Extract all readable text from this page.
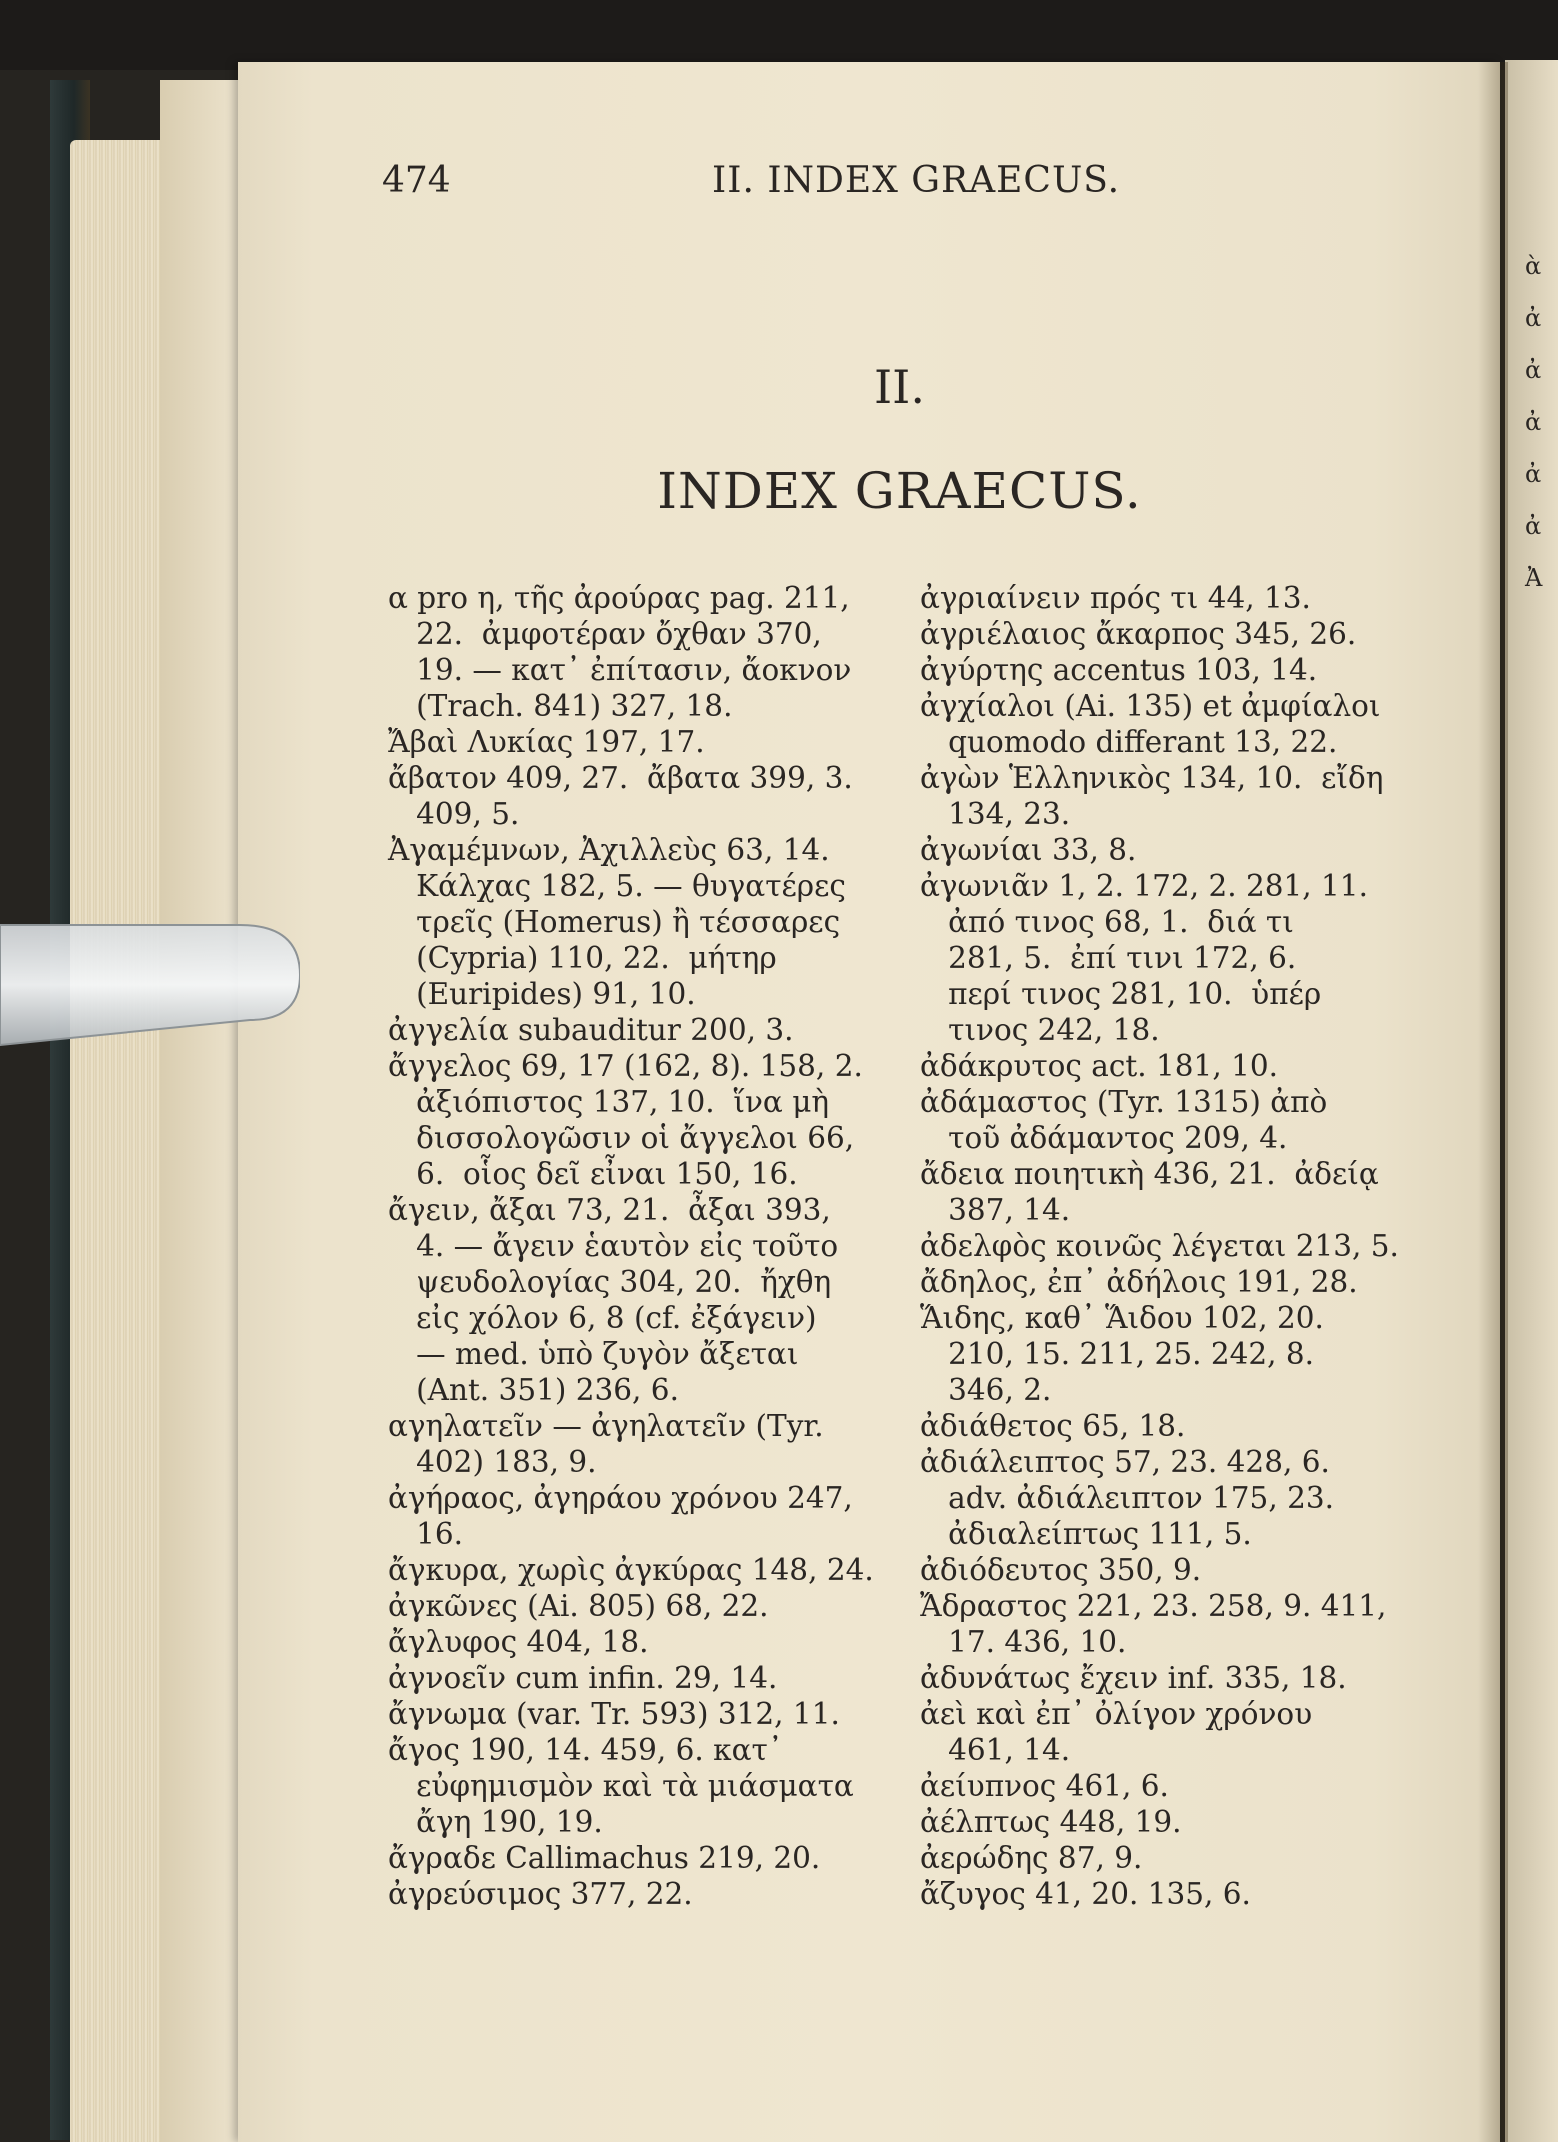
474	II. INDEX GRAECUS.
II.
INDEX GRAECUS.
α pro η, τῆς ἀρούρας pag. 211,
22.  ἀμφοτέραν ὄχθαν 370,
19. — κατ᾽ ἐπίτασιν, ἄοκνον
(Trach. 841) 327, 18.
Ἄβαὶ Λυκίας 197, 17.
ἄβατον 409, 27.  ἄβατα 399, 3.
409, 5.
Ἀγαμέμνων, Ἀχιλλεὺς 63, 14.
Κάλχας 182, 5. — θυγατέρες
τρεῖς (Homerus) ἢ τέσσαρες
(Cypria) 110, 22.  μήτηρ
(Euripides) 91, 10.
ἀγγελία subauditur 200, 3.
ἄγγελος 69, 17 (162, 8). 158, 2.
ἀξιόπιστος 137, 10.  ἵνα μὴ
δισσολογῶσιν οἱ ἄγγελοι 66,
6.  οἷος δεῖ εἶναι 150, 16.
ἄγειν, ἄξαι 73, 21.  ἆξαι 393,
4. — ἄγειν ἑαυτὸν εἰς τοῦτο
ψευδολογίας 304, 20.  ἤχθη
εἰς χόλον 6, 8 (cf. ἐξάγειν)
— med. ὑπὸ ζυγὸν ἄξεται
(Ant. 351) 236, 6.
αγηλατεῖν — ἀγηλατεῖν (Tyr.
402) 183, 9.
ἀγήραος, ἀγηράου χρόνου 247,
16.
ἄγκυρα, χωρὶς ἀγκύρας 148, 24.
ἀγκῶνες (Ai. 805) 68, 22.
ἄγλυφος 404, 18.
ἀγνοεῖν cum infin. 29, 14.
ἄγνωμα (var. Tr. 593) 312, 11.
ἄγος 190, 14. 459, 6. κατ᾽
εὐφημισμὸν καὶ τὰ μιάσματα
ἄγη 190, 19.
ἄγραδε Callimachus 219, 20.
ἀγρεύσιμος 377, 22.
ἀγριαίνειν πρός τι 44, 13.
ἀγριέλαιος ἄκαρπος 345, 26.
ἀγύρτης accentus 103, 14.
ἀγχίαλοι (Ai. 135) et ἀμφίαλοι
quomodo differant 13, 22.
ἀγὼν Ἑλληνικὸς 134, 10.  εἴδη
134, 23.
ἀγωνίαι 33, 8.
ἀγωνιᾶν 1, 2. 172, 2. 281, 11.
ἀπό τινος 68, 1.  διά τι
281, 5.  ἐπί τινι 172, 6.
περί τινος 281, 10.  ὑπέρ
τινος 242, 18.
ἀδάκρυτος act. 181, 10.
ἀδάμαστος (Tyr. 1315) ἀπὸ
τοῦ ἀδάμαντος 209, 4.
ἄδεια ποιητικὴ 436, 21.  ἀδείᾳ
387, 14.
ἀδελφὸς κοινῶς λέγεται 213, 5.
ἄδηλος, ἐπ᾽ ἀδήλοις 191, 28.
Ἅιδης, καθ᾽ Ἅιδου 102, 20.
210, 15. 211, 25. 242, 8.
346, 2.
ἀδιάθετος 65, 18.
ἀδιάλειπτος 57, 23. 428, 6.
adv. ἀδιάλειπτον 175, 23.
ἀδιαλείπτως 111, 5.
ἀδιόδευτος 350, 9.
Ἄδραστος 221, 23. 258, 9. 411,
17. 436, 10.
ἀδυνάτως ἔχειν inf. 335, 18.
ἀεὶ καὶ ἐπ᾽ ὀλίγον χρόνου
461, 14.
ἀείυπνος 461, 6.
ἀέλπτως 448, 19.
ἀερώδης 87, 9.
ἄζυγος 41, 20. 135, 6.
ὰ
ἀ
ἀ
ἀ
ἀ
ἀ
Ἀ
